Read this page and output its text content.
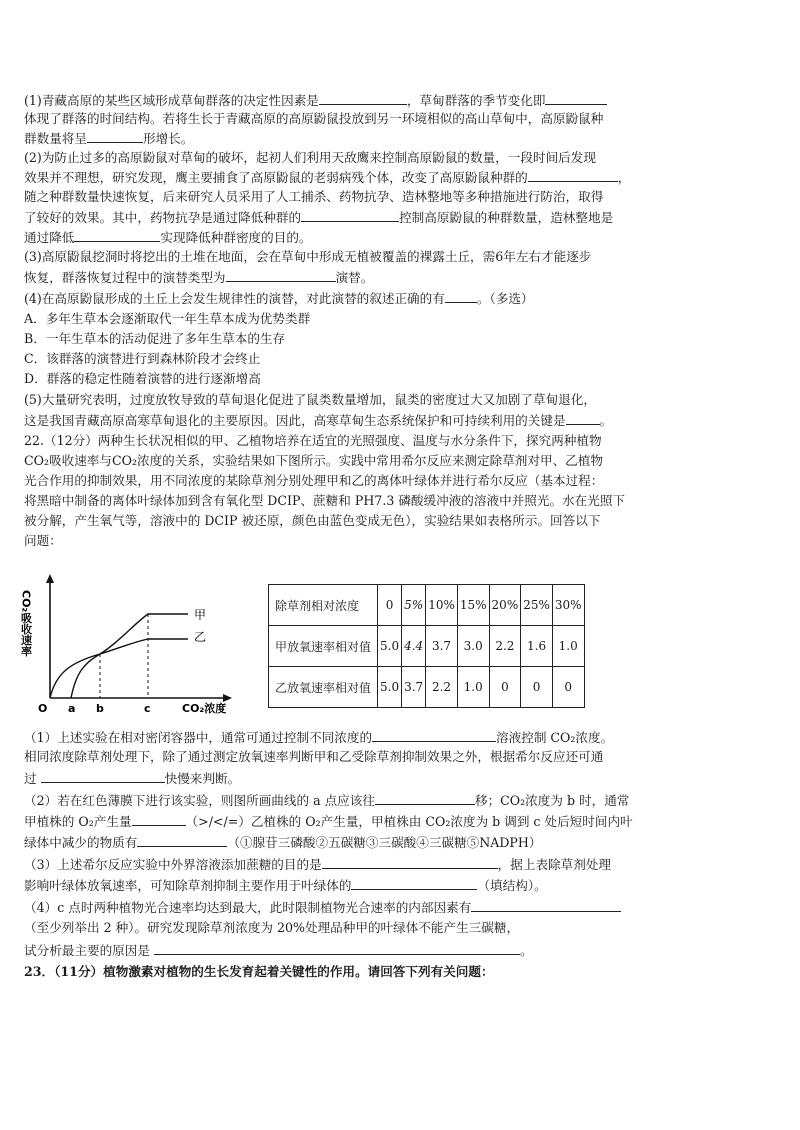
(1)青藏高原的某些区域形成草甸群落的决定性因素是	，草甸群落的季节变化即
体现了群落的时间结构。若将生长于青藏高原的高原鼢鼠投放到另一环境相似的高山草甸中，高原鼢鼠种
群数量将呈	形增长。
(2)为防止过多的高原鼢鼠对草甸的破坏，起初人们利用天敌鹰来控制高原鼢鼠的数量，一段时间后发现
效果并不理想，研究发现，鹰主要捕食了高原鼢鼠的老弱病残个体，改变了高原鼢鼠种群的	，
随之种群数量快速恢复，后来研究人员采用了人工捕杀、药物抗孕、造林整地等多种措施进行防治，取得
了较好的效果。其中，药物抗孕是通过降低种群的	控制高原鼢鼠的种群数量，造林整地是
通过降低	实现降低种群密度的目的。
(3)高原鼢鼠挖洞时将挖出的土堆在地面，会在草甸中形成无植被覆盖的裸露土丘，需6年左右才能逐步
恢复，群落恢复过程中的演替类型为	演替。
(4)在高原鼢鼠形成的土丘上会发生规律性的演替，对此演替的叙述正确的有	。（多选）
A．多年生草本会逐渐取代一年生草本成为优势类群
B．一年生草本的活动促进了多年生草本的生存
C．该群落的演替进行到森林阶段才会终止
D．群落的稳定性随着演替的进行逐渐增高
(5)大量研究表明，过度放牧导致的草甸退化促进了鼠类数量增加，鼠类的密度过大又加剧了草甸退化，
这是我国青藏高原高寒草甸退化的主要原因。因此，高寒草甸生态系统保护和可持续利用的关键是	。
22.（12分）两种生长状况相似的甲、乙植物培养在适宜的光照强度、温度与水分条件下，探究两种植物
CO₂吸收速率与CO₂浓度的关系，实验结果如下图所示。实践中常用希尔反应来测定除草剂对甲、乙植物
光合作用的抑制效果，用不同浓度的某除草剂分别处理甲和乙的离体叶绿体并进行希尔反应（基本过程：
将黑暗中制备的离体叶绿体加到含有氧化型 DCIP、蔗糖和 PH7.3 磷酸缓冲液的溶液中并照光。水在光照下
被分解，产生氧气等，溶液中的 DCIP 被还原，颜色由蓝色变成无色），实验结果如表格所示。回答以下
问题：
CO₂吸收速率	甲
乙
O a b	c	CO₂浓度
除草剂相对浓度	0	5%	10%	15%	20%	25%	30%
甲放氧速率相对值	5.0	4.4	3.7	3.0	2.2	1.6	1.0
乙放氧速率相对值	5.0	3.7	2.2	1.0	0	0	0
（1）上述实验在相对密闭容器中，通常可通过控制不同浓度的	溶液控制 CO₂浓度。
相同浓度除草剂处理下，除了通过测定放氧速率判断甲和乙受除草剂抑制效果之外，根据希尔反应还可通
过	快慢来判断。
（2）若在红色薄膜下进行该实验，则图所画曲线的 a 点应该往	移；CO₂浓度为 b 时，通常
甲植株的 O₂产生量	（>/</=）乙植株的 O₂产生量，甲植株由 CO₂浓度为 b 调到 c 处后短时间内叶
绿体中减少的物质有	（①腺苷三磷酸②五碳糖③三碳酸④三碳糖⑤NADPH）
（3）上述希尔反应实验中外界溶液添加蔗糖的目的是	，据上表除草剂处理
影响叶绿体放氧速率，可知除草剂抑制主要作用于叶绿体的	（填结构）。
（4）c 点时两种植物光合速率均达到最大，此时限制植物光合速率的内部因素有
（至少列举出 2 种）。研究发现除草剂浓度为 20%处理品种甲的叶绿体不能产生三碳糖，
试分析最主要的原因是	。
23．（11分）植物激素对植物的生长发育起着关键性的作用。请回答下列有关问题：
